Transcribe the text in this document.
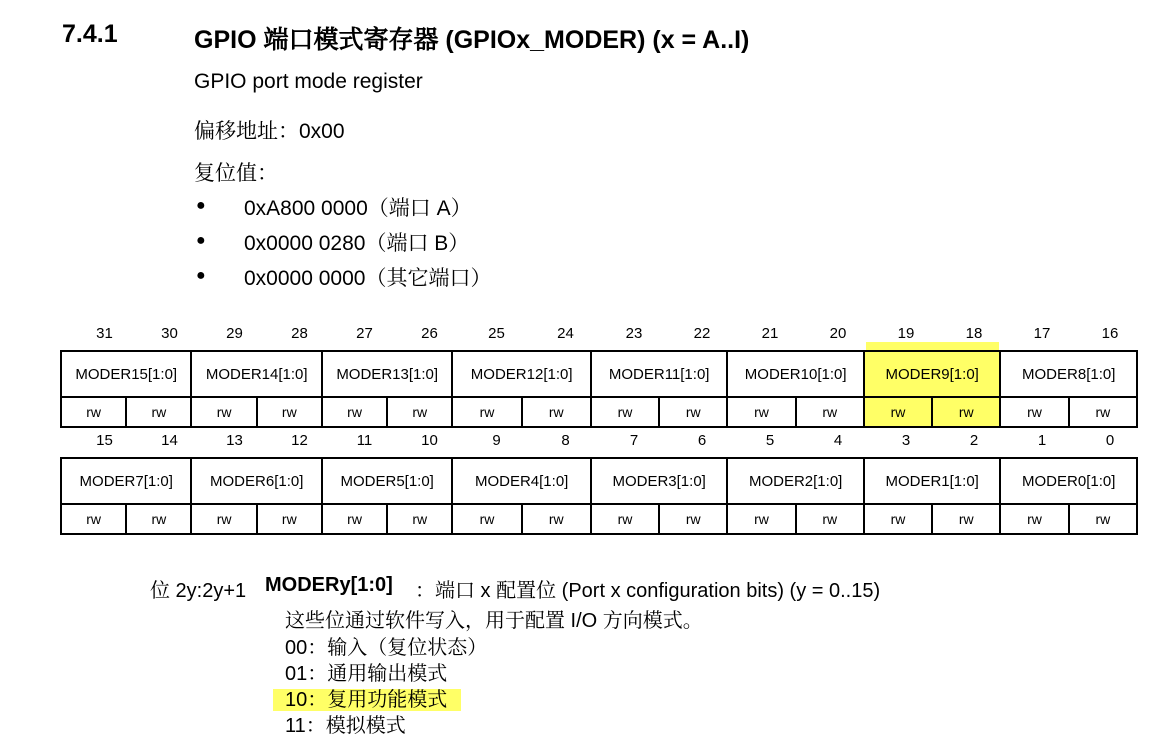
7.4.1	GPIO 端口模式寄存器 (GPIOx_MODER) (x = A..I)
GPIO port mode register
偏移地址：0x00
复位值：
● 0xA800 0000（端口 A）
● 0x0000 0280（端口 B）
● 0x0000 0000（其它端口）
31	30	29	28	27	26	25	24	23	22	21	20	19	18	17	16
MODER15[1:0]		MODER14[1:0]		MODER13[1:0]		MODER12[1:0]		MODER11[1:0]		MODER10[1:0]		MODER9[1:0]		MODER8[1:0]	
rw	rw	rw	rw	rw	rw	rw	rw	rw	rw	rw	rw	rw	rw	rw	rw
15	14	13	12	11	10	9	8	7	6	5	4	3	2	1	0
MODER7[1:0]		MODER6[1:0]		MODER5[1:0]		MODER4[1:0]		MODER3[1:0]		MODER2[1:0]		MODER1[1:0]		MODER0[1:0]	
rw	rw	rw	rw	rw	rw	rw	rw	rw	rw	rw	rw	rw	rw	rw	rw
位 2y:2y+1 MODERy[1:0] ：端口 x 配置位 (Port x configuration bits) (y = 0..15)
这些位通过软件写入，用于配置 I/O 方向模式。
00：输入（复位状态）
01：通用输出模式
10：复用功能模式
11：模拟模式
